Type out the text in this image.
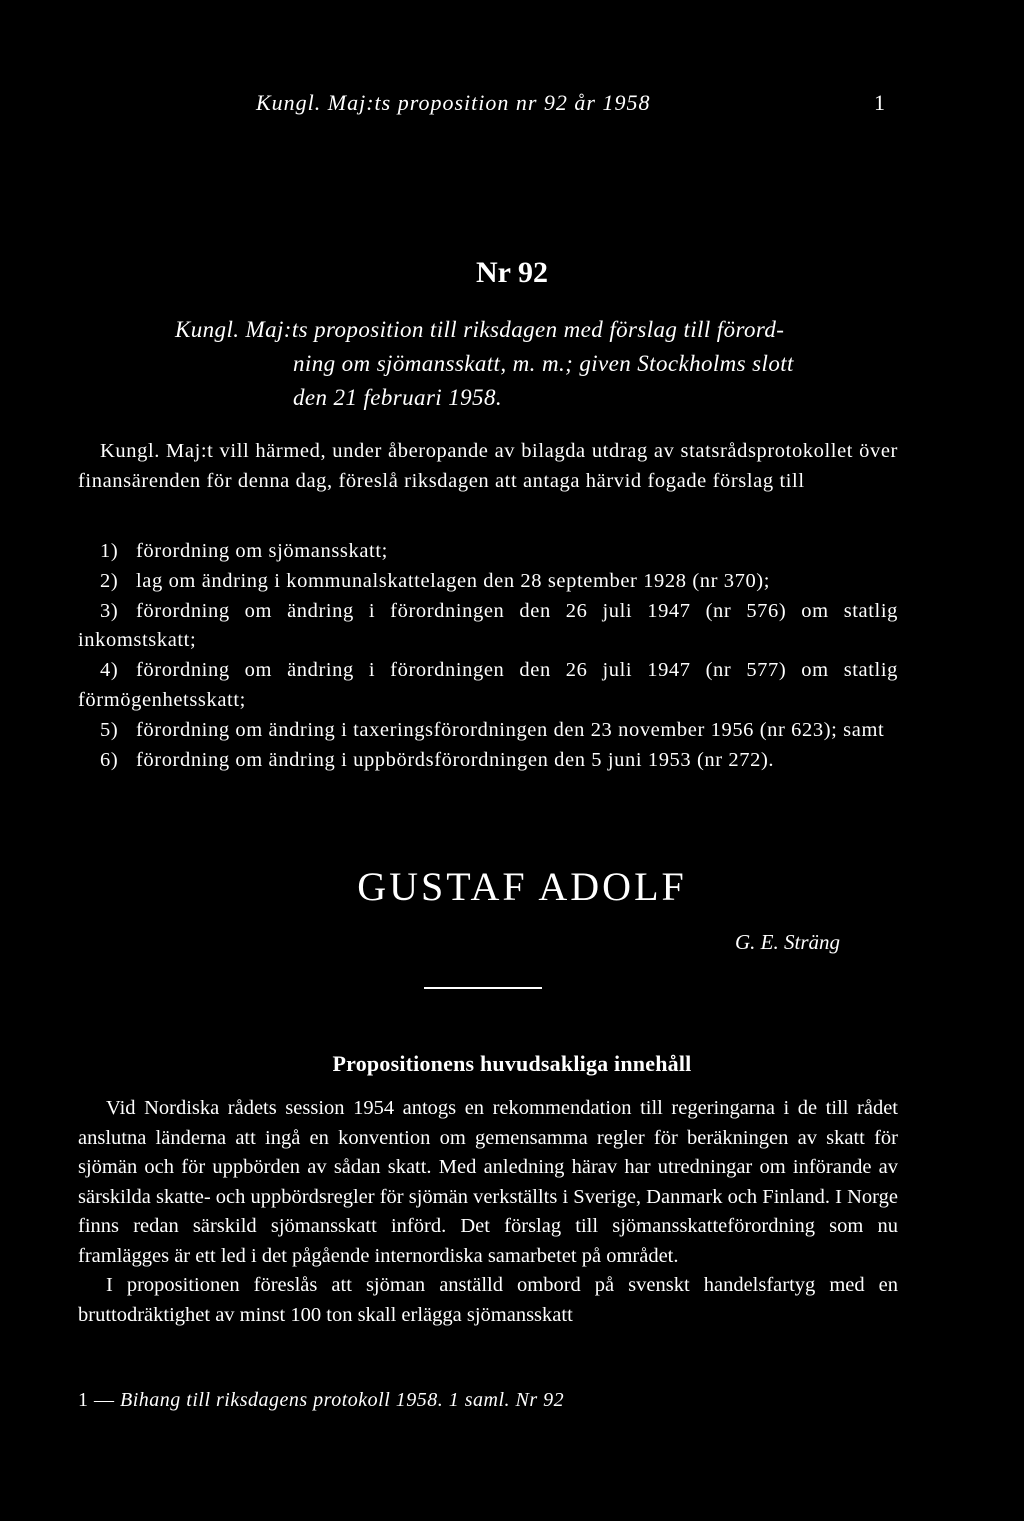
Kungl. Maj:ts proposition nr 92 år 1958	1
Nr 92
Kungl. Maj:ts proposition till riksdagen med förslag till förord-
ning om sjömansskatt, m. m.; given Stockholms slott
den 21 februari 1958.

Kungl. Maj:t vill härmed, under åberopande av bilagda utdrag av statsrådsprotokollet över finansärenden för denna dag, föreslå riksdagen att antaga härvid fogade förslag till

1) förordning om sjömansskatt;

2) lag om ändring i kommunalskattelagen den 28 september 1928 (nr 370);

3) förordning om ändring i förordningen den 26 juli 1947 (nr 576) om statlig inkomstskatt;

4) förordning om ändring i förordningen den 26 juli 1947 (nr 577) om statlig förmögenhetsskatt;

5) förordning om ändring i taxeringsförordningen den 23 november 1956 (nr 623); samt

6) förordning om ändring i uppbördsförordningen den 5 juni 1953 (nr 272).

GUSTAF ADOLF
G. E. Sträng
Propositionens huvudsakliga innehåll

Vid Nordiska rådets session 1954 antogs en rekommendation till regeringarna i de till rådet anslutna länderna att ingå en konvention om gemensamma regler för beräkningen av skatt för sjömän och för uppbörden av sådan skatt. Med anledning härav har utredningar om införande av särskilda skatte- och uppbördsregler för sjömän verkställts i Sverige, Danmark och Finland. I Norge finns redan särskild sjömansskatt införd. Det förslag till sjömansskatteförordning som nu framlägges är ett led i det pågående internordiska samarbetet på området.

I propositionen föreslås att sjöman anställd ombord på svenskt handelsfartyg med en bruttodräktighet av minst 100 ton skall erlägga sjömansskatt

1 — Bihang till riksdagens protokoll 1958. 1 saml. Nr 92
